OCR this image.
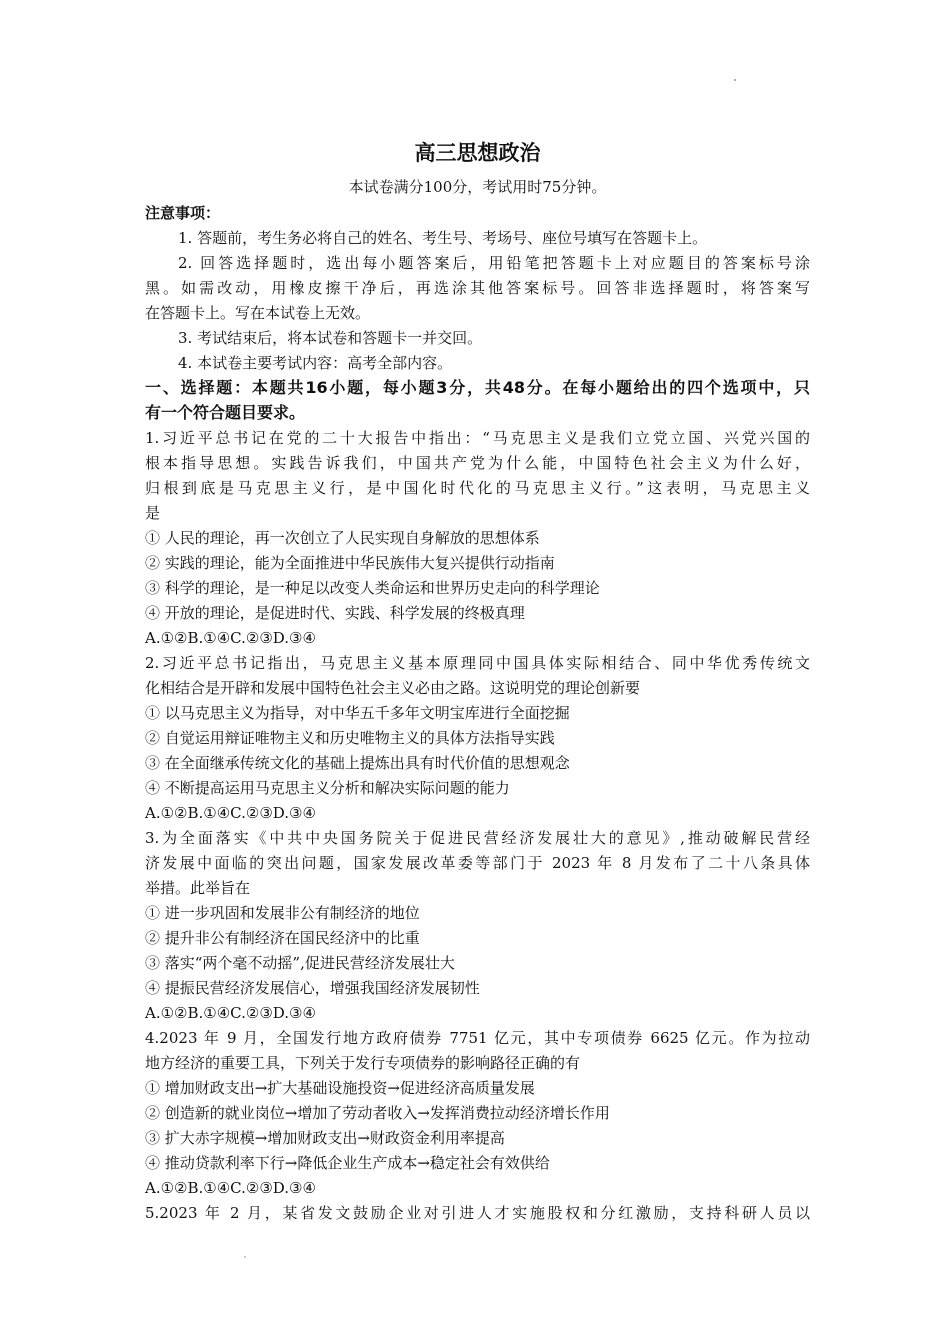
高三思想政治
本试卷满分100分，考试用时75分钟。
注意事项：
1. 答题前，考生务必将自己的姓名、考生号、考场号、座位号填写在答题卡上。
2. 回答选择题时，选出每小题答案后，用铅笔把答题卡上对应题目的答案标号涂
黑。如需改动，用橡皮擦干净后，再选涂其他答案标号。回答非选择题时，将答案写
在答题卡上。写在本试卷上无效。
3. 考试结束后，将本试卷和答题卡一并交回。
4. 本试卷主要考试内容：高考全部内容。
一、选择题：本题共16小题，每小题3分，共48分。在每小题给出的四个选项中，只
有一个符合题目要求。
1.习近平总书记在党的二十大报告中指出：“马克思主义是我们立党立国、兴党兴国的
根本指导思想。实践告诉我们，中国共产党为什么能，中国特色社会主义为什么好，
归根到底是马克思主义行，是中国化时代化的马克思主义行。”这表明，马克思主义
是
① 人民的理论，再一次创立了人民实现自身解放的思想体系
② 实践的理论，能为全面推进中华民族伟大复兴提供行动指南
③ 科学的理论，是一种足以改变人类命运和世界历史走向的科学理论
④ 开放的理论，是促进时代、实践、科学发展的终极真理
A.①②B.①④C.②③D.③④
2.习近平总书记指出，马克思主义基本原理同中国具体实际相结合、同中华优秀传统文
化相结合是开辟和发展中国特色社会主义必由之路。这说明党的理论创新要
① 以马克思主义为指导，对中华五千多年文明宝库进行全面挖掘
② 自觉运用辩证唯物主义和历史唯物主义的具体方法指导实践
③ 在全面继承传统文化的基础上提炼出具有时代价值的思想观念
④ 不断提高运用马克思主义分析和解决实际问题的能力
A.①②B.①④C.②③D.③④
3.为全面落实《中共中央国务院关于促进民营经济发展壮大的意见》,推动破解民营经
济发展中面临的突出问题，国家发展改革委等部门于 2023 年 8 月发布了二十八条具体
举措。此举旨在
① 进一步巩固和发展非公有制经济的地位
② 提升非公有制经济在国民经济中的比重
③ 落实“两个毫不动摇”,促进民营经济发展壮大
④ 提振民营经济发展信心，增强我国经济发展韧性
A.①②B.①④C.②③D.③④
4.2023 年 9 月，全国发行地方政府债券 7751 亿元，其中专项债券 6625 亿元。作为拉动
地方经济的重要工具，下列关于发行专项债券的影响路径正确的有
① 增加财政支出→扩大基础设施投资→促进经济高质量发展
② 创造新的就业岗位→增加了劳动者收入→发挥消费拉动经济增长作用
③ 扩大赤字规模→增加财政支出→财政资金利用率提高
④ 推动贷款利率下行→降低企业生产成本→稳定社会有效供给
A.①②B.①④C.②③D.③④
5.2023 年 2 月，某省发文鼓励企业对引进人才实施股权和分红激励，支持科研人员以
